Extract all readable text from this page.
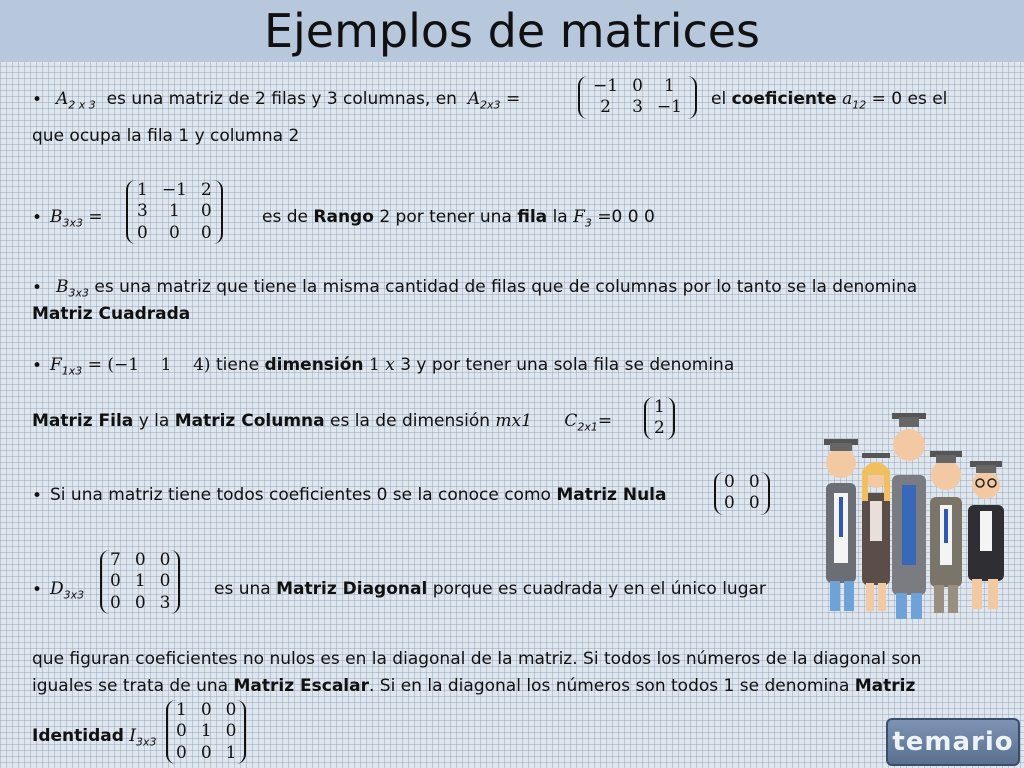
Ejemplos de matrices
• $A_{2 x 3}$ es una matriz de 2 filas y 3 columnas, en $A_{2x3}$ =
−1	0	1
2	3	−1 el coeficiente $a_{12} = 0$ es el
que ocupa la fila 1 y columna 2
• $B_{3x3}$ =
1	−1	2
3	1	0
0	0	0
es de Rango 2 por tener una fila la $F_3 =0$ 0 0
• $B_{3x3}$ es una matriz que tiene la misma cantidad de filas que de columnas por lo tanto se la denomina
Matriz Cuadrada
• $F_{1x3} = (-1$    1    4) tiene dimensión 1 x 3 y por tener una sola fila se denomina
Matriz Fila y la Matriz Columna es la de dimensión mx1 $C_{2x1}=$
1
2
• Si una matriz tiene todos coeficientes 0 se la conoce como Matriz Nula
0	0
0	0
• $D_{3x3}$
7	0	0
0	1	0
0	0	3
es una Matriz Diagonal porque es cuadrada y en el único lugar
que figuran coeficientes no nulos es en la diagonal de la matriz. Si todos los números de la diagonal son
iguales se trata de una Matriz Escalar. Si en la diagonal los números son todos 1 se denomina Matriz
Identidad $I_{3x3}$
1	0	0
0	1	0
0	0	1	temario
